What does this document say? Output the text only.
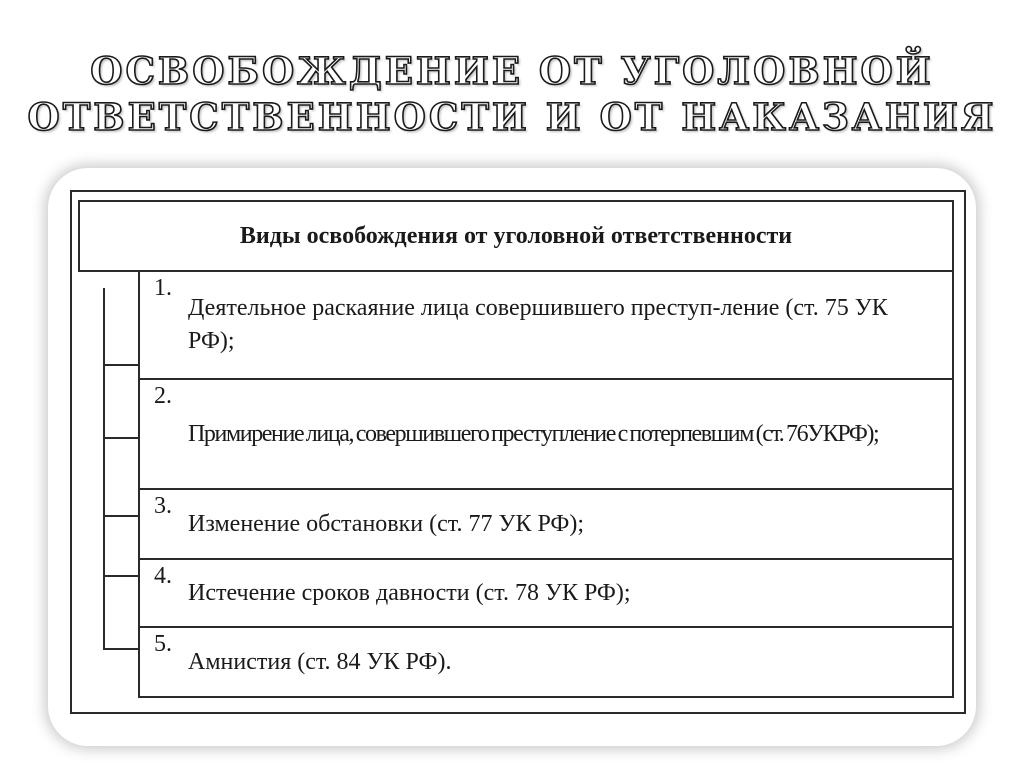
ОСВОБОЖДЕНИЕ ОТ УГОЛОВНОЙ
ОТВЕТСТВЕННОСТИ И ОТ НАКАЗАНИЯ
Виды освобождения от уголовной ответственности
1.
Деятельное раскаяние лица совершившего преступ-ление (ст. 75 УК РФ);
2.
Примирение лица, совершившего преступление с потерпевшим (ст. 76УКРФ);
3.
Изменение обстановки (ст. 77 УК РФ);
4.
Истечение сроков давности (ст. 78 УК РФ);
5.
Амнистия (ст. 84 УК РФ).
